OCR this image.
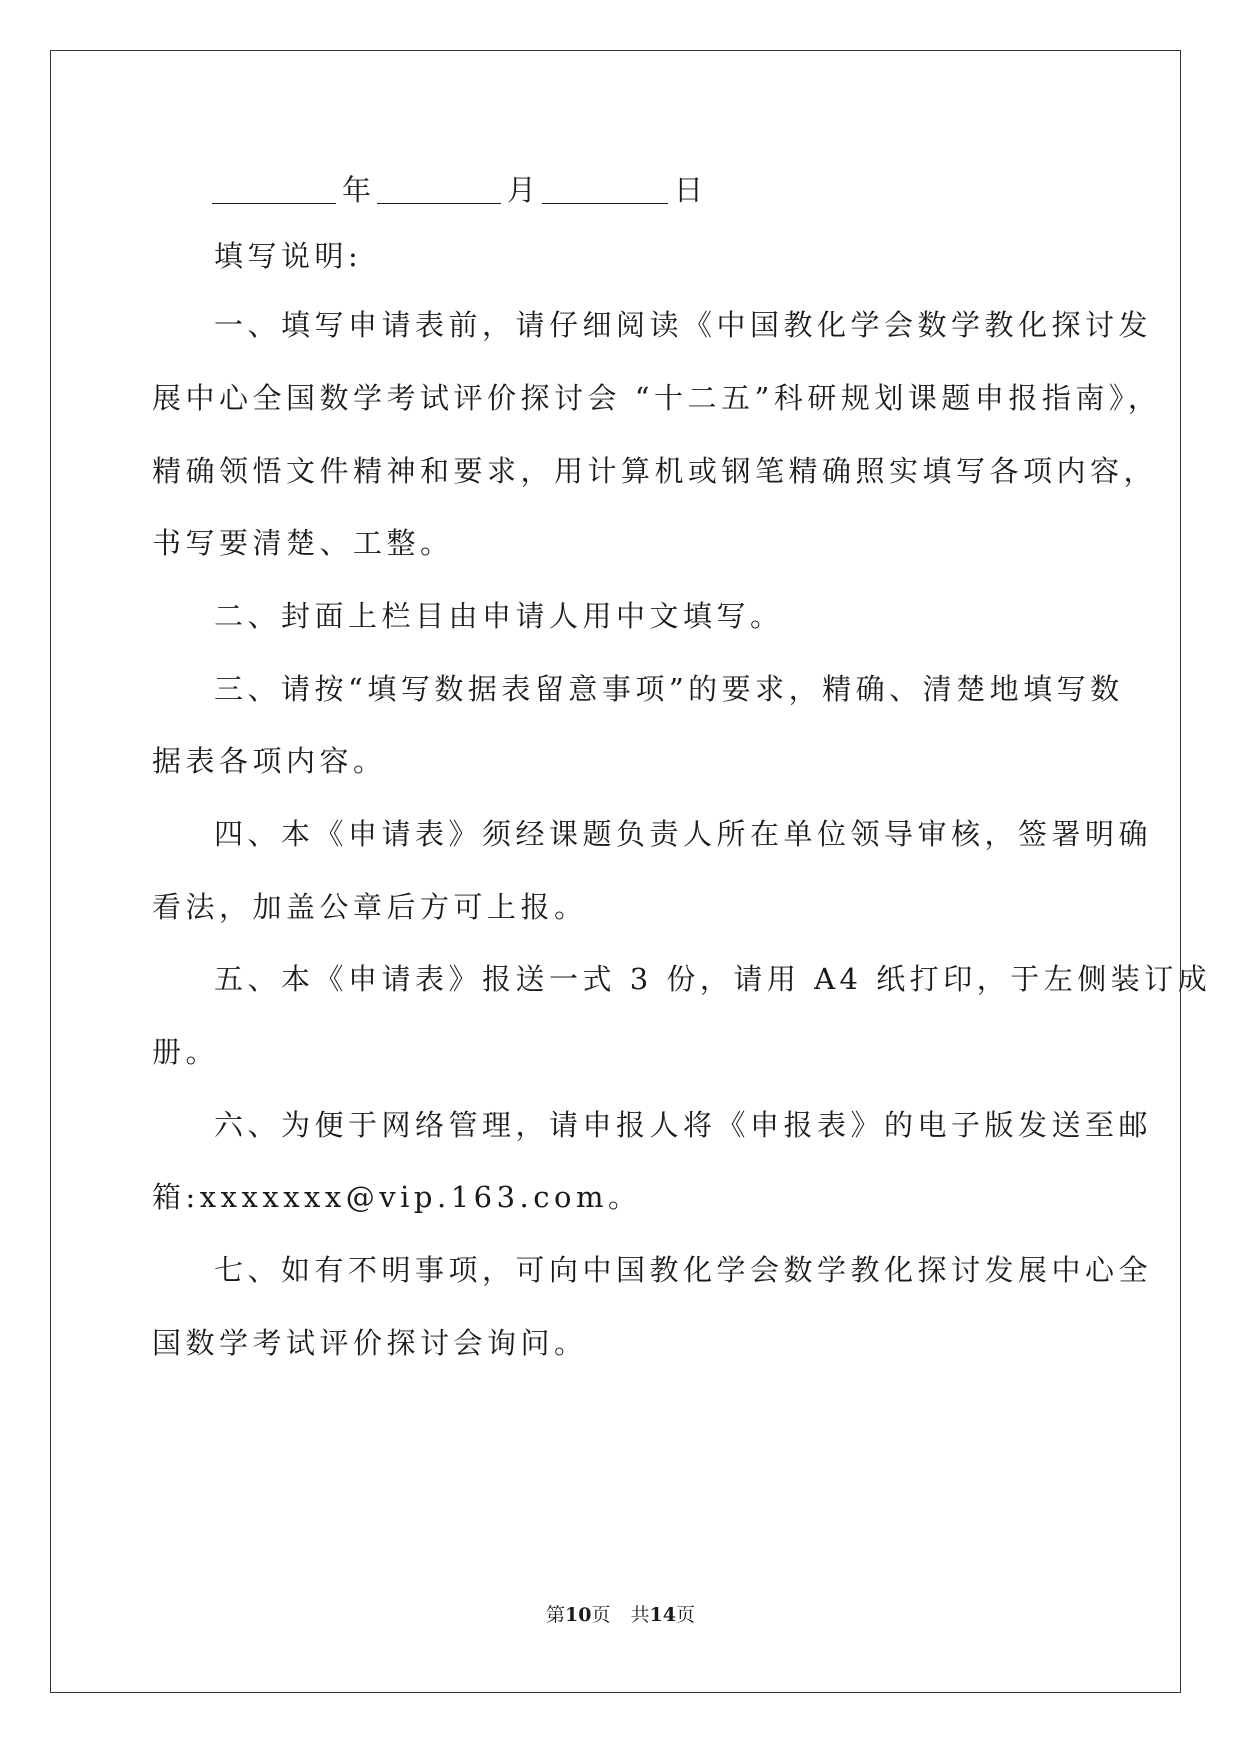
年	月	日
填写说明:
一、填写申请表前，请仔细阅读《中国教化学会数学教化探讨发
展中心全国数学考试评价探讨会 “十二五”科研规划课题申报指南》，
精确领悟文件精神和要求，用计算机或钢笔精确照实填写各项内容，
书写要清楚、工整。
二、封面上栏目由申请人用中文填写。
三、请按“填写数据表留意事项”的要求，精确、清楚地填写数
据表各项内容。
四、本《申请表》须经课题负责人所在单位领导审核，签署明确
看法，加盖公章后方可上报。
五、本《申请表》报送一式 3 份，请用 A4 纸打印，于左侧装订成
册。
六、为便于网络管理，请申报人将《申报表》的电子版发送至邮
箱:xxxxxxx@vip.163.com。
七、如有不明事项，可向中国教化学会数学教化探讨发展中心全
国数学考试评价探讨会询问。
第10页 共14页
